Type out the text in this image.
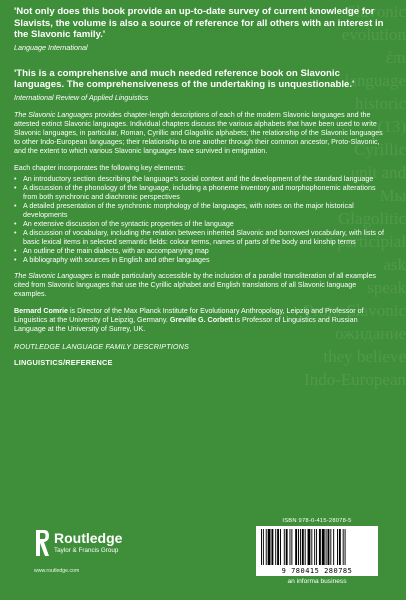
Slavonic
evolution
ἐπι
language
historic
(13)
Cyrillic
unit and
Мы
Glagolitic
participial
ask
speak
Proto-Slavonic
ожидание
they believe
Indo-European

'Not only does this book provide an up-to-date survey of current knowledge for Slavists, the volume is also a source of reference for all others with an interest in the Slavonic family.'

Language International

'This is a comprehensive and much needed reference book on Slavonic languages. The comprehensiveness of the undertaking is unquestionable.'

International Review of Applied Linguistics

The Slavonic Languages provides chapter-length descriptions of each of the modern Slavonic languages and the attested extinct Slavonic languages. Individual chapters discuss the various alphabets that have been used to write Slavonic languages, in particular, Roman, Cyrillic and Glagolitic alphabets; the relationship of the Slavonic languages to other Indo-European languages; their relationship to one another through their common ancestor, Proto-Slavonic, and the extent to which various Slavonic languages have survived in emigration.

Each chapter incorporates the following key elements:

• An introductory section describing the language's social context and the development of the standard language
• A discussion of the phonology of the language, including a phoneme inventory and morphophonemic alterations from both synchronic and diachronic perspectives
• A detailed presentation of the synchronic morphology of the languages, with notes on the major historical developments
• An extensive discussion of the syntactic properties of the language
• A discussion of vocabulary, including the relation between inherited Slavonic and borrowed vocabulary, with lists of basic lexical items in selected semantic fields: colour terms, names of parts of the body and kinship terms
• An outline of the main dialects, with an accompanying map
• A bibliography with sources in English and other languages

The Slavonic Languages is made particularly accessible by the inclusion of a parallel transliteration of all examples cited from Slavonic languages that use the Cyrillic alphabet and English translations of all Slavonic language examples.

Bernard Comrie is Director of the Max Planck Institute for Evolutionary Anthropology, Leipzig and Professor of Linguistics at the University of Leipzig, Germany. Greville G. Corbett is Professor of Linguistics and Russian Language at the University of Surrey, UK.

ROUTLEDGE LANGUAGE FAMILY DESCRIPTIONS

LINGUISTICS/REFERENCE

Routledge
Taylor & Francis Group
www.routledge.com
ISBN 978-0-415-28078-5
9 780415 280785
an informa business
